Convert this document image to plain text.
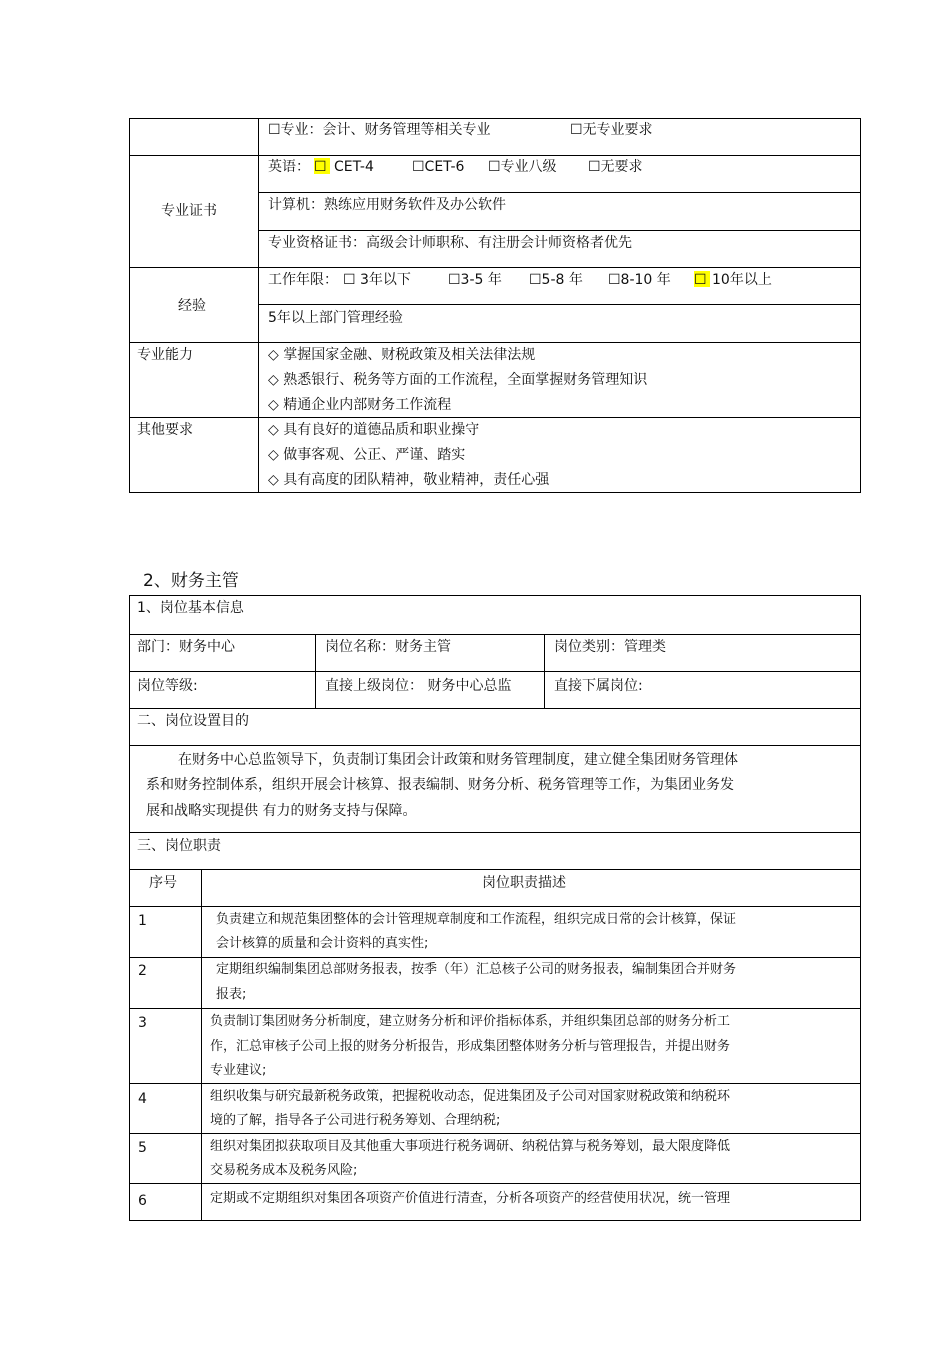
☐专业：会计、财务管理等相关专业	☐无专业要求
专业证书
英语： ☐ CET-4	☐CET-6 ☐专业八级 ☐无要求
计算机：熟练应用财务软件及办公软件
专业资格证书：高级会计师职称、有注册会计师资格者优先
经验
工作年限： ☐ 3年以下	☐3-5 年 ☐5-8 年 ☐8-10 年 ☐ 10年以上
5年以上部门管理经验
专业能力	◇ 掌握国家金融、财税政策及相关法律法规
◇ 熟悉银行、税务等方面的工作流程，全面掌握财务管理知识
◇ 精通企业内部财务工作流程
其他要求	◇ 具有良好的道德品质和职业操守
◇ 做事客观、公正、严谨、踏实
◇ 具有高度的团队精神，敬业精神，责任心强
2、财务主管
1、岗位基本信息
部门：财务中心	岗位名称：财务主管	岗位类别：管理类
岗位等级:	直接上级岗位： 财务中心总监	直接下属岗位:
二、岗位设置目的
在财务中心总监领导下，负责制订集团会计政策和财务管理制度，建立健全集团财务管理体
系和财务控制体系，组织开展会计核算、报表编制、财务分析、税务管理等工作，为集团业务发
展和战略实现提供 有力的财务支持与保障。
三、岗位职责
序号	岗位职责描述
1	负责建立和规范集团整体的会计管理规章制度和工作流程，组织完成日常的会计核算，保证
会计核算的质量和会计资料的真实性;
2	定期组织编制集团总部财务报表，按季（年）汇总核子公司的财务报表，编制集团合并财务
报表;
3	负责制订集团财务分析制度，建立财务分析和评价指标体系，并组织集团总部的财务分析工
作，汇总审核子公司上报的财务分析报告，形成集团整体财务分析与管理报告，并提出财务
专业建议;
4	组织收集与研究最新税务政策，把握税收动态，促进集团及子公司对国家财税政策和纳税环
境的了解，指导各子公司进行税务筹划、合理纳税;
5	组织对集团拟获取项目及其他重大事项进行税务调研、纳税估算与税务筹划，最大限度降低
交易税务成本及税务风险;
6	定期或不定期组织对集团各项资产价值进行清查，分析各项资产的经营使用状况，统一管理
